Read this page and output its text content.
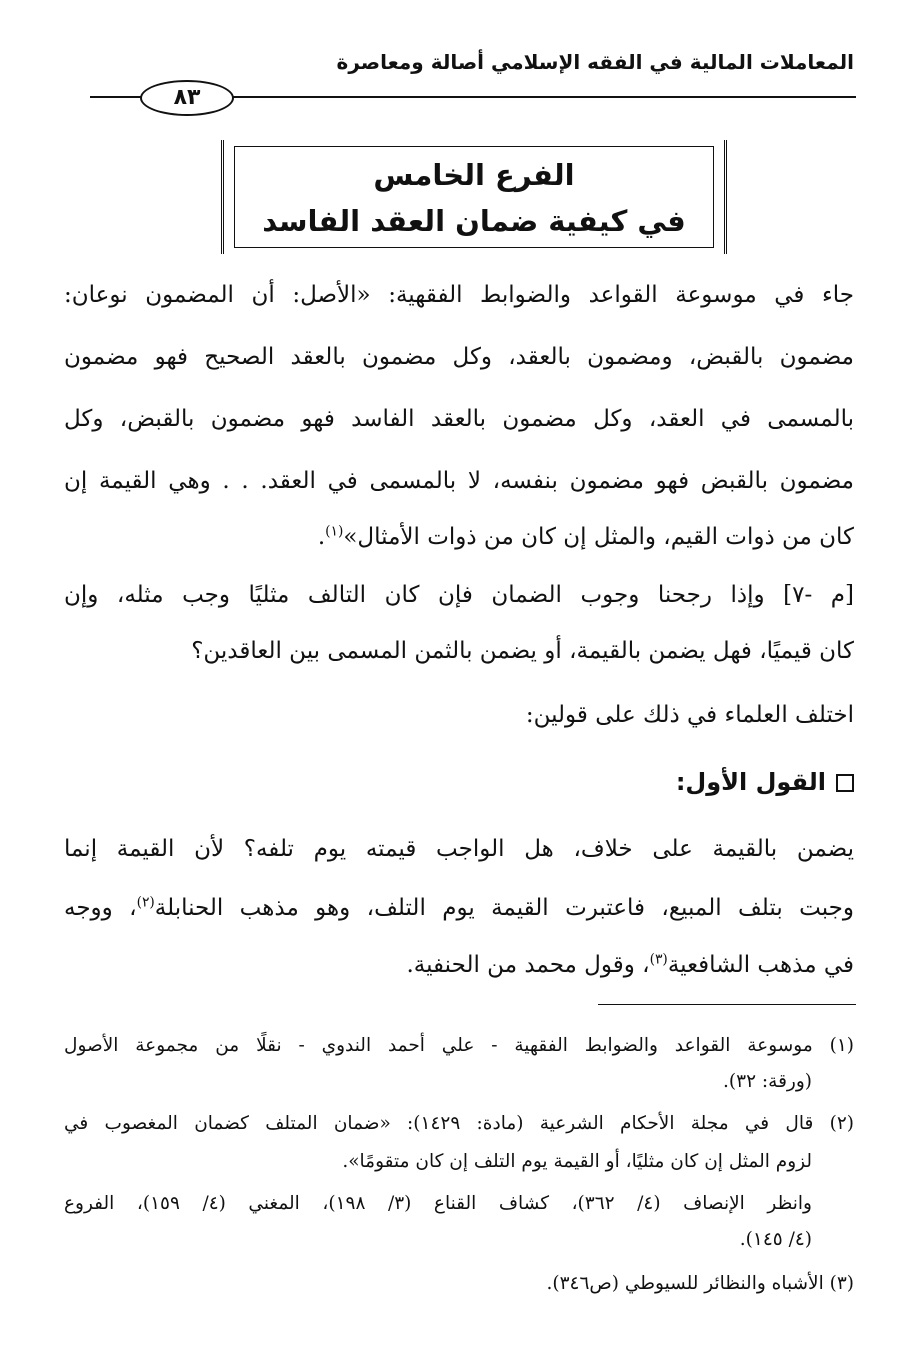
المعاملات المالية في الفقه الإسلامي أصالة ومعاصرة
٨٣
الفرع الخامس
في كيفية ضمان العقد الفاسد
جاء في موسوعة القواعد والضوابط الفقهية: «الأصل: أن المضمون نوعان:
مضمون بالقبض، ومضمون بالعقد، وكل مضمون بالعقد الصحيح فهو مضمون
بالمسمى في العقد، وكل مضمون بالعقد الفاسد فهو مضمون بالقبض، وكل
مضمون بالقبض فهو مضمون بنفسه، لا بالمسمى في العقد. . . وهي القيمة إن
كان من ذوات القيم، والمثل إن كان من ذوات الأمثال»$^{(١)}$.
[م -٧] وإذا رجحنا وجوب الضمان فإن كان التالف مثليًا وجب مثله، وإن
كان قيميًا، فهل يضمن بالقيمة، أو يضمن بالثمن المسمى بين العاقدين؟
اختلف العلماء في ذلك على قولين:
القول الأول:
يضمن بالقيمة على خلاف، هل الواجب قيمته يوم تلفه؟ لأن القيمة إنما
وجبت بتلف المبيع، فاعتبرت القيمة يوم التلف، وهو مذهب الحنابلة$^{(٢)}$، ووجه
في مذهب الشافعية$^{(٣)}$، وقول محمد من الحنفية.
(١) موسوعة القواعد والضوابط الفقهية - علي أحمد الندوي - نقلًا من مجموعة الأصول
(ورقة: ٣٢).
(٢) قال في مجلة الأحكام الشرعية (مادة: ١٤٢٩): «ضمان المتلف كضمان المغصوب في
لزوم المثل إن كان مثليًا، أو القيمة يوم التلف إن كان متقومًا».
وانظر الإنصاف (٤/ ٣٦٢)، كشاف القناع (٣/ ١٩٨)، المغني (٤/ ١٥٩)، الفروع
(٤/ ١٤٥).
(٣) الأشباه والنظائر للسيوطي (ص٣٤٦).
